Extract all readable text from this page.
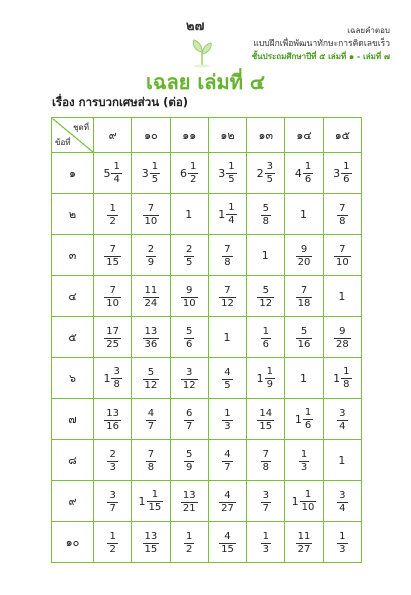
๒๗	เฉลยคำตอบ
แบบฝึกเพื่อพัฒนาทักษะการคิดเลขเร็ว
ชั้นประถมศึกษาปีที่ ๕ เล่มที่ ๑ - เล่มที่ ๗
เฉลย เล่มที่ ๔
เรื่อง การบวกเศษส่วน (ต่อ)
ชุดที่
ข้อที่	๙	๑๐	๑๑	๑๒	๑๓	๑๔	๑๕
๑	$5 \frac{1}{4}$	$3 \frac{1}{5}$	$6 \frac{1}{2}$	$3 \frac{1}{5}$	$2 \frac{3}{5}$	$4 \frac{1}{6}$	$3 \frac{1}{6}$

๒	$\frac{1}{2}$	$\frac{7}{10}$	1	$1 \frac{1}{4}$	$\frac{5}{8}$	1	$\frac{7}{8}$

๓	$\frac{7}{15}$	$\frac{2}{9}$	$\frac{2}{5}$	$\frac{7}{8}$	1	$\frac{9}{20}$	$\frac{7}{10}$

๔	$\frac{7}{10}$	$\frac{11}{24}$	$\frac{9}{10}$	$\frac{7}{12}$	$\frac{5}{12}$	$\frac{7}{18}$	1

๕	$\frac{17}{25}$	$\frac{13}{36}$	$\frac{5}{6}$	1	$\frac{1}{6}$	$\frac{5}{16}$	$\frac{9}{28}$

๖	$1 \frac{3}{8}$	$\frac{5}{12}$	$\frac{3}{12}$	$\frac{4}{5}$	$1 \frac{1}{9}$	1	$1 \frac{1}{8}$

๗	$\frac{13}{16}$	$\frac{4}{7}$	$\frac{6}{7}$	$\frac{1}{3}$	$\frac{14}{15}$	$1 \frac{1}{6}$	$\frac{3}{4}$

๘	$\frac{2}{3}$	$\frac{7}{8}$	$\frac{5}{9}$	$\frac{4}{7}$	$\frac{7}{8}$	$\frac{1}{3}$	1

๙	$\frac{3}{7}$	$1 \frac{1}{15}$	$\frac{13}{21}$	$\frac{4}{27}$	$\frac{3}{7}$	$1 \frac{1}{10}$	$\frac{3}{4}$

๑๐	$\frac{1}{2}$	$\frac{13}{15}$	$\frac{1}{2}$	$\frac{4}{15}$	$\frac{1}{3}$	$\frac{11}{27}$	$\frac{1}{3}$
